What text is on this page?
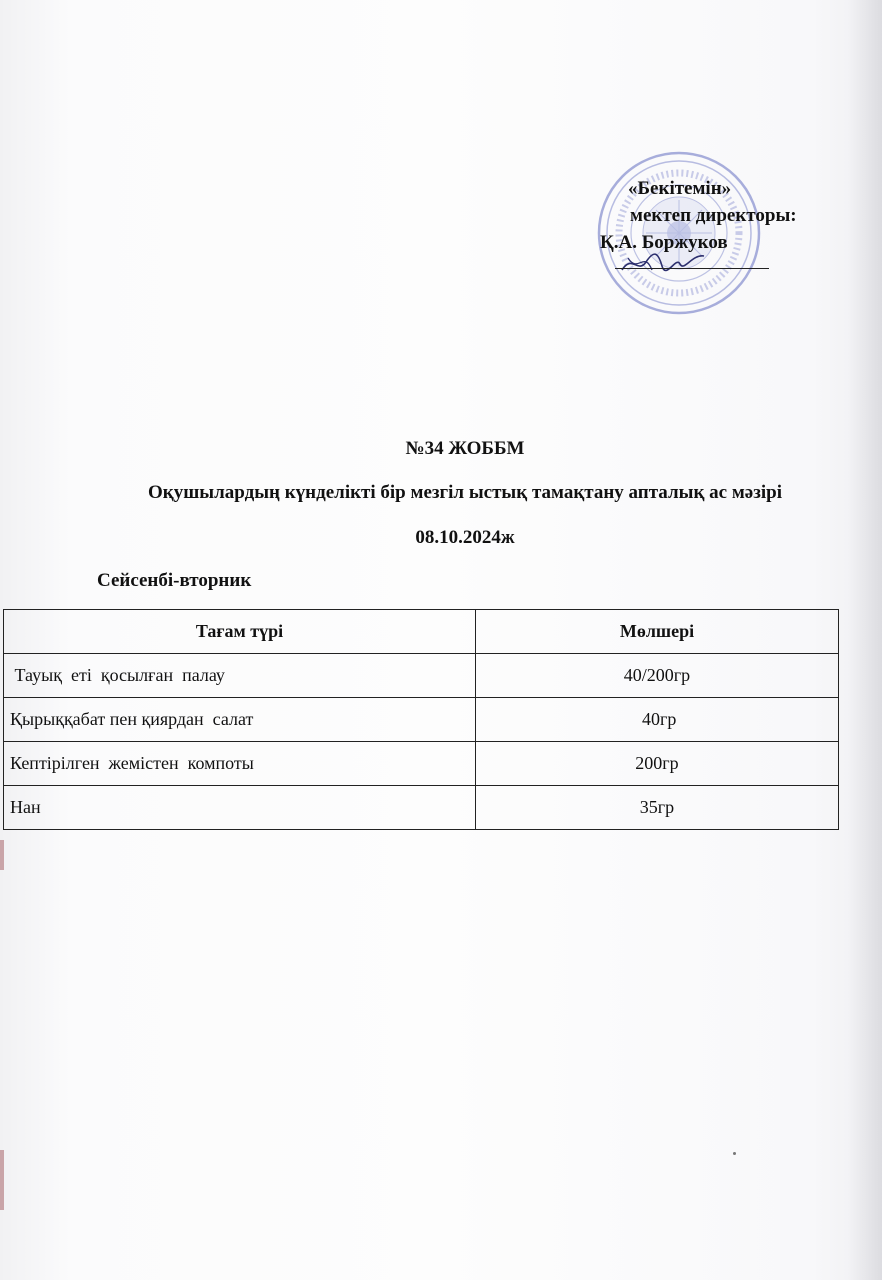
«Бекітемін»
мектеп директоры:
Қ.А. Боржуков
№34 ЖОББМ
Оқушылардың күнделікті бір мезгіл ыстық тамақтану апталық ас мәзірі
08.10.2024ж
Сейсенбі-вторник
Тағам түрі	Мөлшері
Тауық  еті  қосылған  палау	40/200гр
Қырыққабат пен қиярдан  салат	40гр
Кептірілген  жемістен  компоты	200гр
Нан	35гр
